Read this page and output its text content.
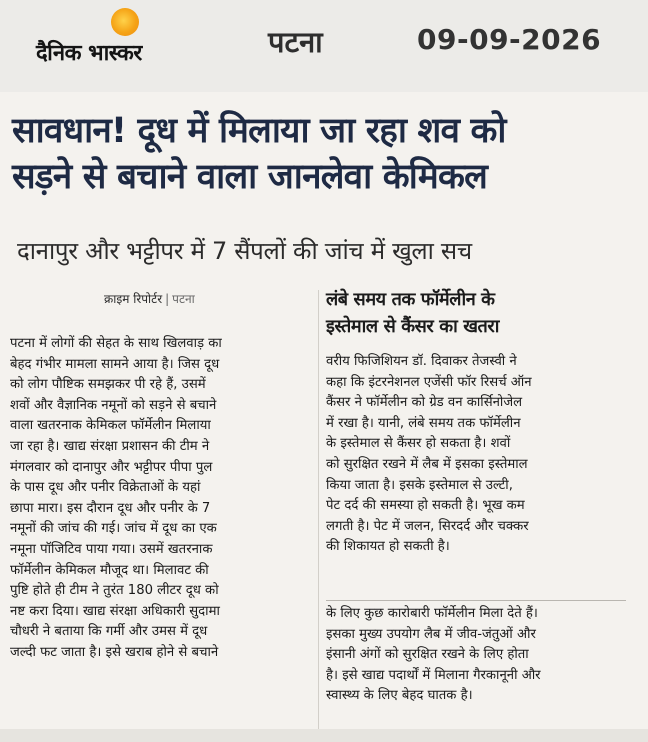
दैनिक भास्कर	पटना	09-09-2026
सावधान! दूध में मिलाया जा रहा शव को
सड़ने से बचाने वाला जानलेवा केमिकल
दानापुर और भट्टीपर में 7 सैंपलों की जांच में खुला सच
क्राइम रिपोर्टर | पटना
पटना में लोगों की सेहत के साथ खिलवाड़ का
बेहद गंभीर मामला सामने आया है। जिस दूध
को लोग पौष्टिक समझकर पी रहे हैं, उसमें
शवों और वैज्ञानिक नमूनों को सड़ने से बचाने
वाला खतरनाक केमिकल फॉर्मेलीन मिलाया
जा रहा है। खाद्य संरक्षा प्रशासन की टीम ने
मंगलवार को दानापुर और भट्टीपर पीपा पुल
के पास दूध और पनीर विक्रेताओं के यहां
छापा मारा। इस दौरान दूध और पनीर के 7
नमूनों की जांच की गई। जांच में दूध का एक
नमूना पॉजिटिव पाया गया। उसमें खतरनाक
फॉर्मेलीन केमिकल मौजूद था। मिलावट की
पुष्टि होते ही टीम ने तुरंत 180 लीटर दूध को
नष्ट करा दिया। खाद्य संरक्षा अधिकारी सुदामा
चौधरी ने बताया कि गर्मी और उमस में दूध
जल्दी फट जाता है। इसे खराब होने से बचाने
लंबे समय तक फॉर्मेलीन के
इस्तेमाल से कैंसर का खतरा
वरीय फिजिशियन डॉ. दिवाकर तेजस्वी ने
कहा कि इंटरनेशनल एजेंसी फॉर रिसर्च ऑन
कैंसर ने फॉर्मेलीन को ग्रेड वन कार्सिनोजेल
में रखा है। यानी, लंबे समय तक फॉर्मेलीन
के इस्तेमाल से कैंसर हो सकता है। शवों
को सुरक्षित रखने में लैब में इसका इस्तेमाल
किया जाता है। इसके इस्तेमाल से उल्टी,
पेट दर्द की समस्या हो सकती है। भूख कम
लगती है। पेट में जलन, सिरदर्द और चक्कर
की शिकायत हो सकती है।
के लिए कुछ कारोबारी फॉर्मेलीन मिला देते हैं।
इसका मुख्य उपयोग लैब में जीव-जंतुओं और
इंसानी अंगों को सुरक्षित रखने के लिए होता
है। इसे खाद्य पदार्थों में मिलाना गैरकानूनी और
स्वास्थ्य के लिए बेहद घातक है।
